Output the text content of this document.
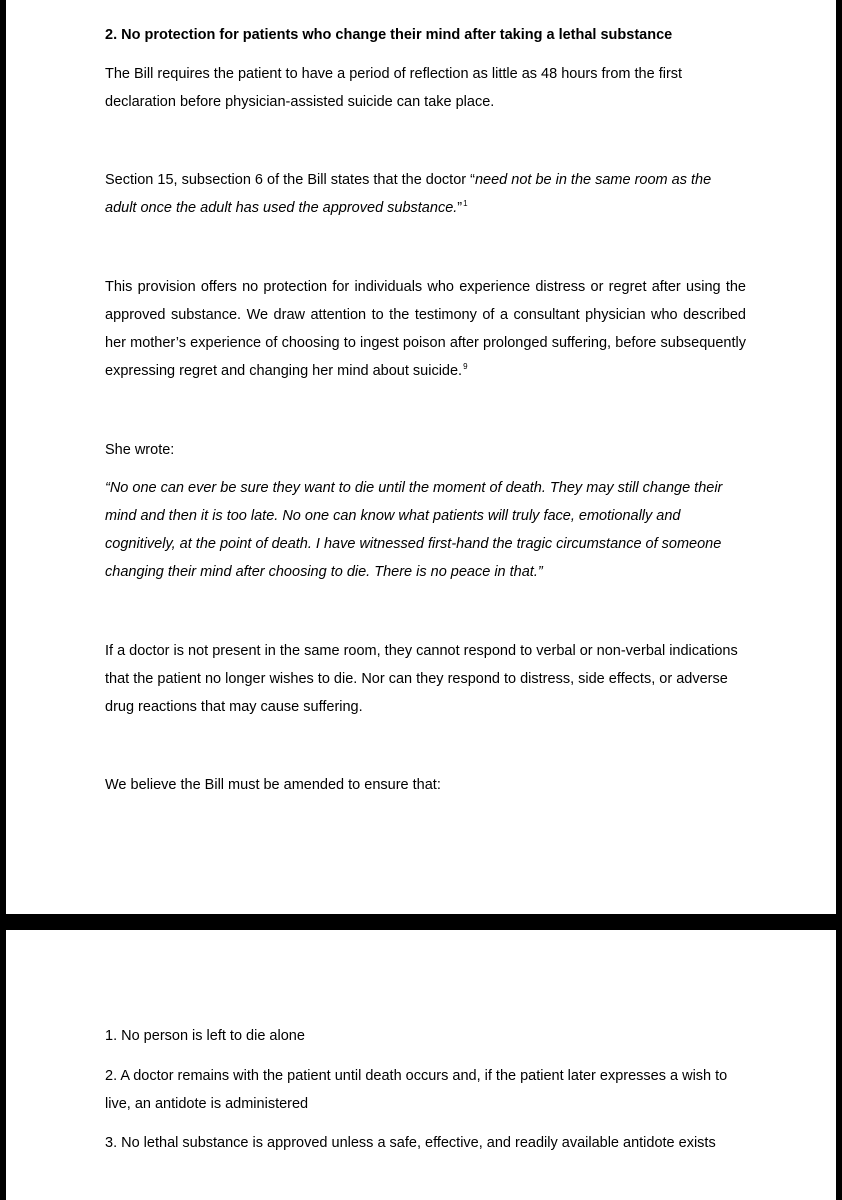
2. No protection for patients who change their mind after taking a lethal substance

The Bill requires the patient to have a period of reflection as little as 48 hours from the first declaration before physician-assisted suicide can take place.

Section 15, subsection 6 of the Bill states that the doctor “need not be in the same room as the adult once the adult has used the approved substance.”$^1$

This provision offers no protection for individuals who experience distress or regret after using the approved substance. We draw attention to the testimony of a consultant physician who described her mother’s experience of choosing to ingest poison after prolonged suffering, before subsequently expressing regret and changing her mind about suicide.$^9$

She wrote:

“No one can ever be sure they want to die until the moment of death. They may still change their mind and then it is too late. No one can know what patients will truly face, emotionally and cognitively, at the point of death. I have witnessed first-hand the tragic circumstance of someone changing their mind after choosing to die. There is no peace in that.”

If a doctor is not present in the same room, they cannot respond to verbal or non-verbal indications that the patient no longer wishes to die. Nor can they respond to distress, side effects, or adverse drug reactions that may cause suffering.

We believe the Bill must be amended to ensure that:

1. No person is left to die alone

2. A doctor remains with the patient until death occurs and, if the patient later expresses a wish to live, an antidote is administered

3. No lethal substance is approved unless a safe, effective, and readily available antidote exists
